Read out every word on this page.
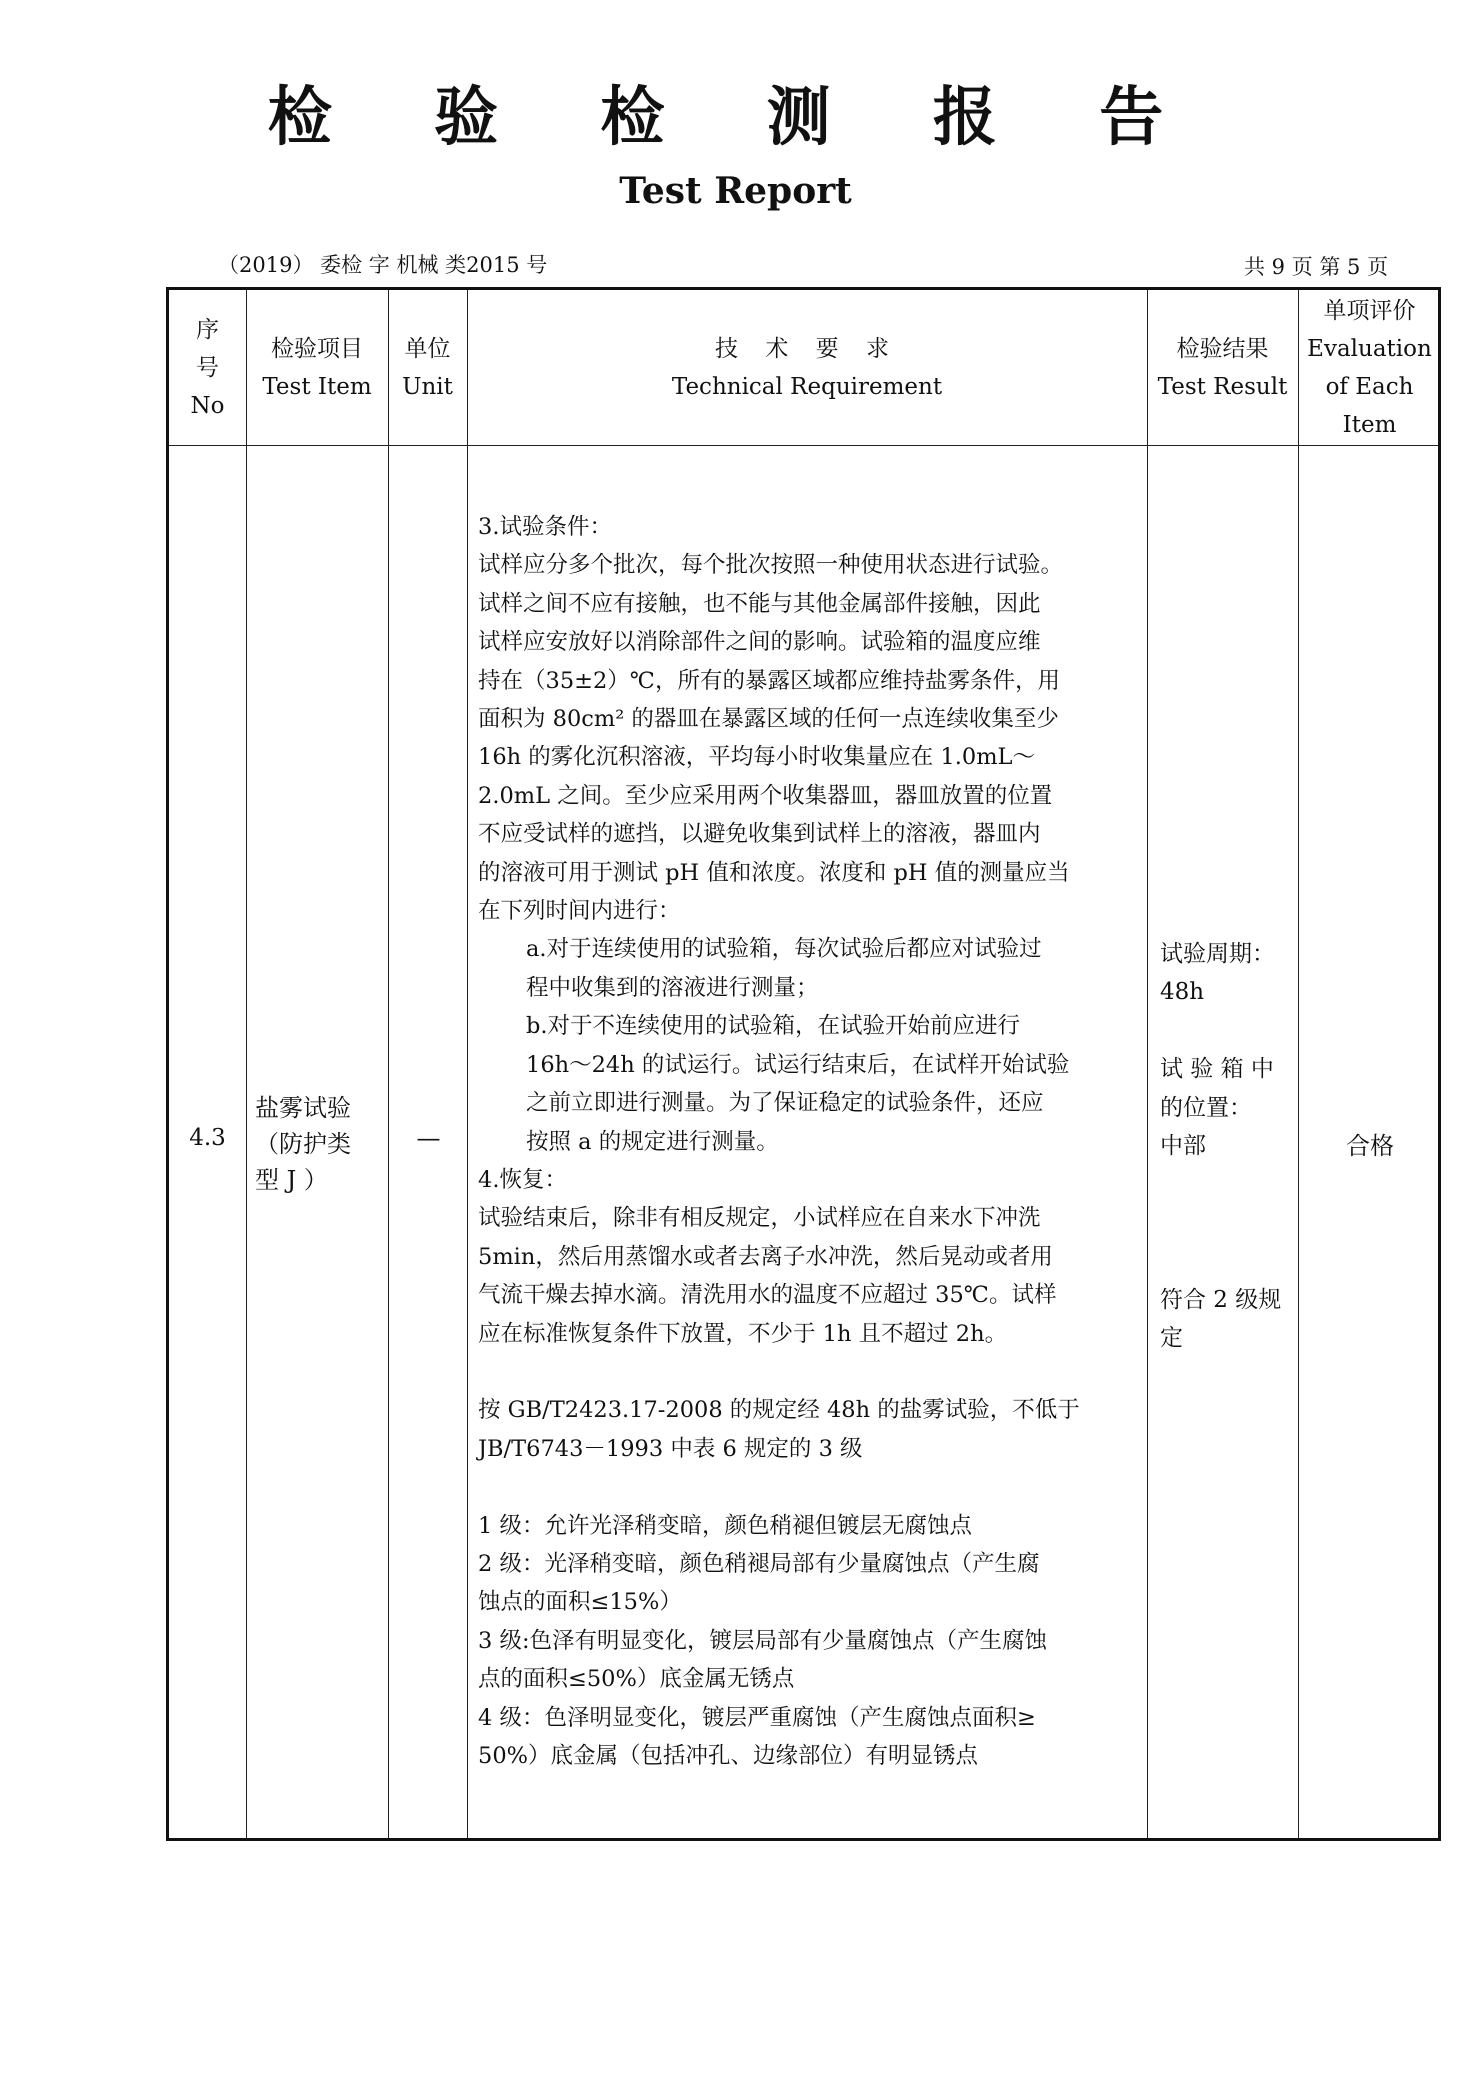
检 验 检 测 报 告
Test Report
（2019） 委检 字 机械 类2015 号	共 9 页 第 5 页
序号
No
检验项目
Test Item
单位
Unit
技 术 要 求
Technical Requirement
检验结果
Test Result
单项评价
Evaluation
of Each
Item
4.3
盐雾试验
（防护类
型 J ）
—

3.试验条件：

试样应分多个批次，每个批次按照一种使用状态进行试验。

试样之间不应有接触，也不能与其他金属部件接触，因此

试样应安放好以消除部件之间的影响。试验箱的温度应维

持在（35±2）℃，所有的暴露区域都应维持盐雾条件，用

面积为 80cm² 的器皿在暴露区域的任何一点连续收集至少

16h 的雾化沉积溶液，平均每小时收集量应在 1.0mL～

2.0mL 之间。至少应采用两个收集器皿，器皿放置的位置

不应受试样的遮挡，以避免收集到试样上的溶液，器皿内

的溶液可用于测试 pH 值和浓度。浓度和 pH 值的测量应当

在下列时间内进行：

a.对于连续使用的试验箱，每次试验后都应对试验过

程中收集到的溶液进行测量；

b.对于不连续使用的试验箱，在试验开始前应进行

16h～24h 的试运行。试运行结束后，在试样开始试验

之前立即进行测量。为了保证稳定的试验条件，还应

按照 a 的规定进行测量。

4.恢复：

试验结束后，除非有相反规定，小试样应在自来水下冲洗

5min，然后用蒸馏水或者去离子水冲洗，然后晃动或者用

气流干燥去掉水滴。清洗用水的温度不应超过 35℃。试样

应在标准恢复条件下放置，不少于 1h 且不超过 2h。

按 GB/T2423.17-2008 的规定经 48h 的盐雾试验，不低于

JB/T6743－1993 中表 6 规定的 3 级

1 级：允许光泽稍变暗，颜色稍褪但镀层无腐蚀点

2 级：光泽稍变暗，颜色稍褪局部有少量腐蚀点（产生腐

蚀点的面积≤15%）

3 级:色泽有明显变化，镀层局部有少量腐蚀点（产生腐蚀

点的面积≤50%）底金属无锈点

4 级：色泽明显变化，镀层严重腐蚀（产生腐蚀点面积≥

50%）底金属（包括冲孔、边缘部位）有明显锈点

试验周期：

48h

试 验 箱 中

的位置：

中部

符合 2 级规

定

合格
